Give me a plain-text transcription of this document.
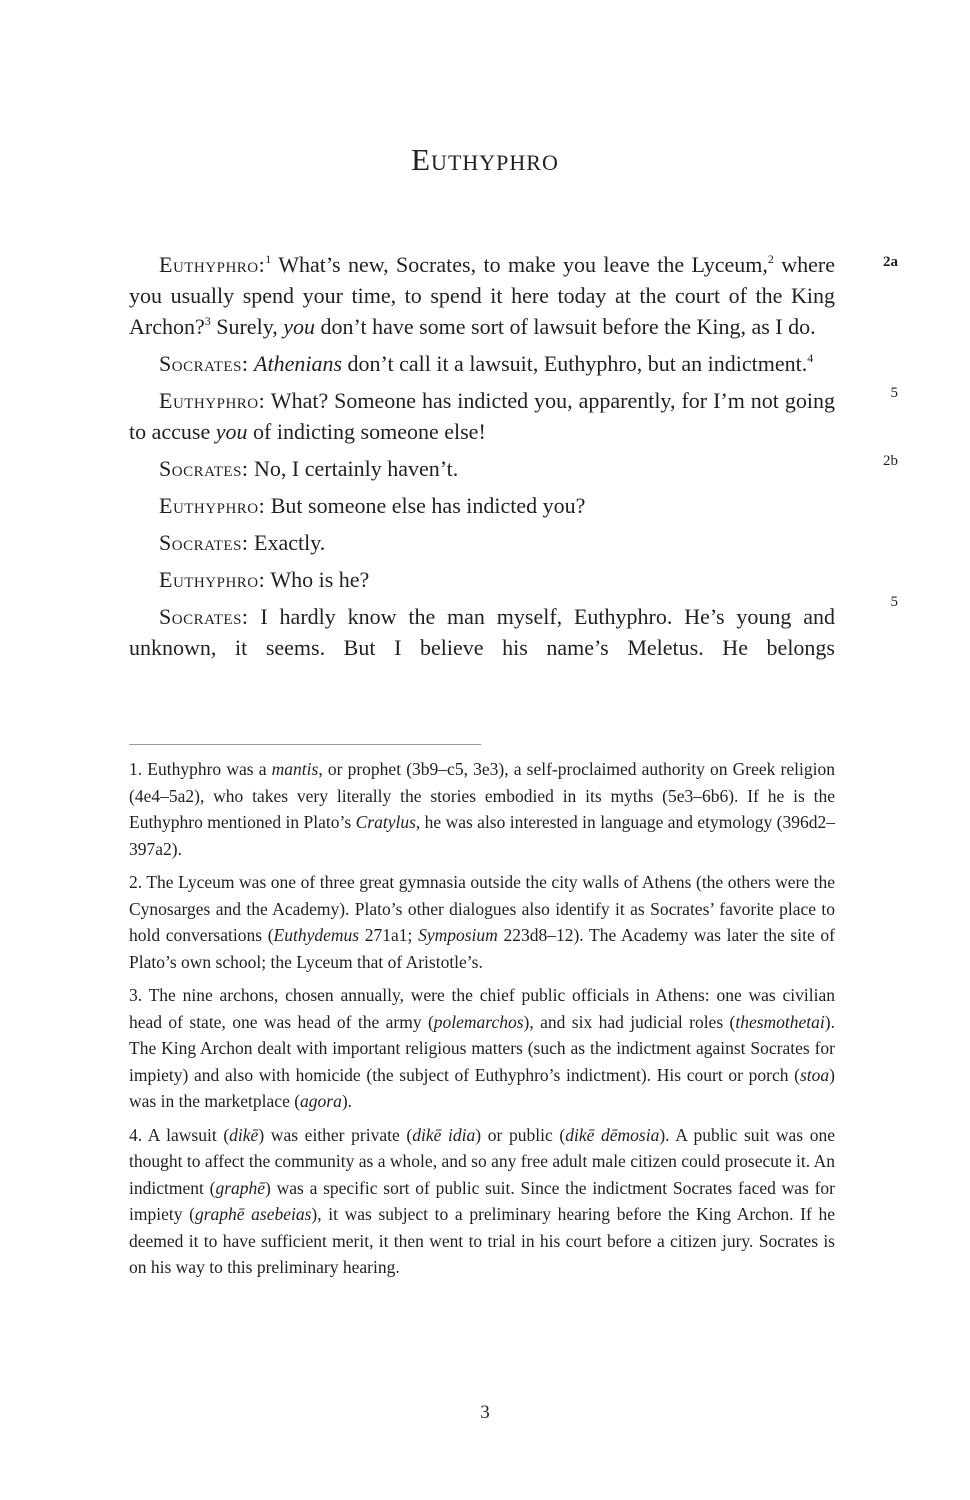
Euthyphro
2a
5
2b
5

Euthyphro:$^1$ What’s new, Socrates, to make you leave the Lyceum,$^2$ where you usually spend your time, to spend it here today at the court of the King Archon?$^3$ Surely, you don’t have some sort of lawsuit before the King, as I do.

Socrates: Athenians don’t call it a lawsuit, Euthyphro, but an indictment.$^4$

Euthyphro: What? Someone has indicted you, apparently, for I’m not going to accuse you of indicting someone else!

Socrates: No, I certainly haven’t.

Euthyphro: But someone else has indicted you?

Socrates: Exactly.

Euthyphro: Who is he?

Socrates: I hardly know the man myself, Euthyphro. He’s young and unknown, it seems. But I believe his name’s Meletus. He belongs

1. Euthyphro was a mantis, or prophet (3b9–c5, 3e3), a self-proclaimed authority on Greek religion (4e4–5a2), who takes very literally the stories embodied in its myths (5e3–6b6). If he is the Euthyphro mentioned in Plato’s Cratylus, he was also interested in language and etymology (396d2–397a2).

2. The Lyceum was one of three great gymnasia outside the city walls of Athens (the others were the Cynosarges and the Academy). Plato’s other dialogues also identify it as Socrates’ favorite place to hold conversations (Euthydemus 271a1; Symposium 223d8–12). The Academy was later the site of Plato’s own school; the Lyceum that of Aristotle’s.

3. The nine archons, chosen annually, were the chief public officials in Athens: one was civilian head of state, one was head of the army (polemarchos), and six had judicial roles (thesmothetai). The King Archon dealt with important religious matters (such as the indictment against Socrates for impiety) and also with homicide (the subject of Euthyphro’s indictment). His court or porch (stoa) was in the marketplace (agora).

4. A lawsuit (dikē) was either private (dikē idia) or public (dikē dēmosia). A public suit was one thought to affect the community as a whole, and so any free adult male citizen could prosecute it. An indictment (graphē) was a specific sort of public suit. Since the indictment Socrates faced was for impiety (graphē asebeias), it was subject to a preliminary hearing before the King Archon. If he deemed it to have sufficient merit, it then went to trial in his court before a citizen jury. Socrates is on his way to this preliminary hearing.

3
